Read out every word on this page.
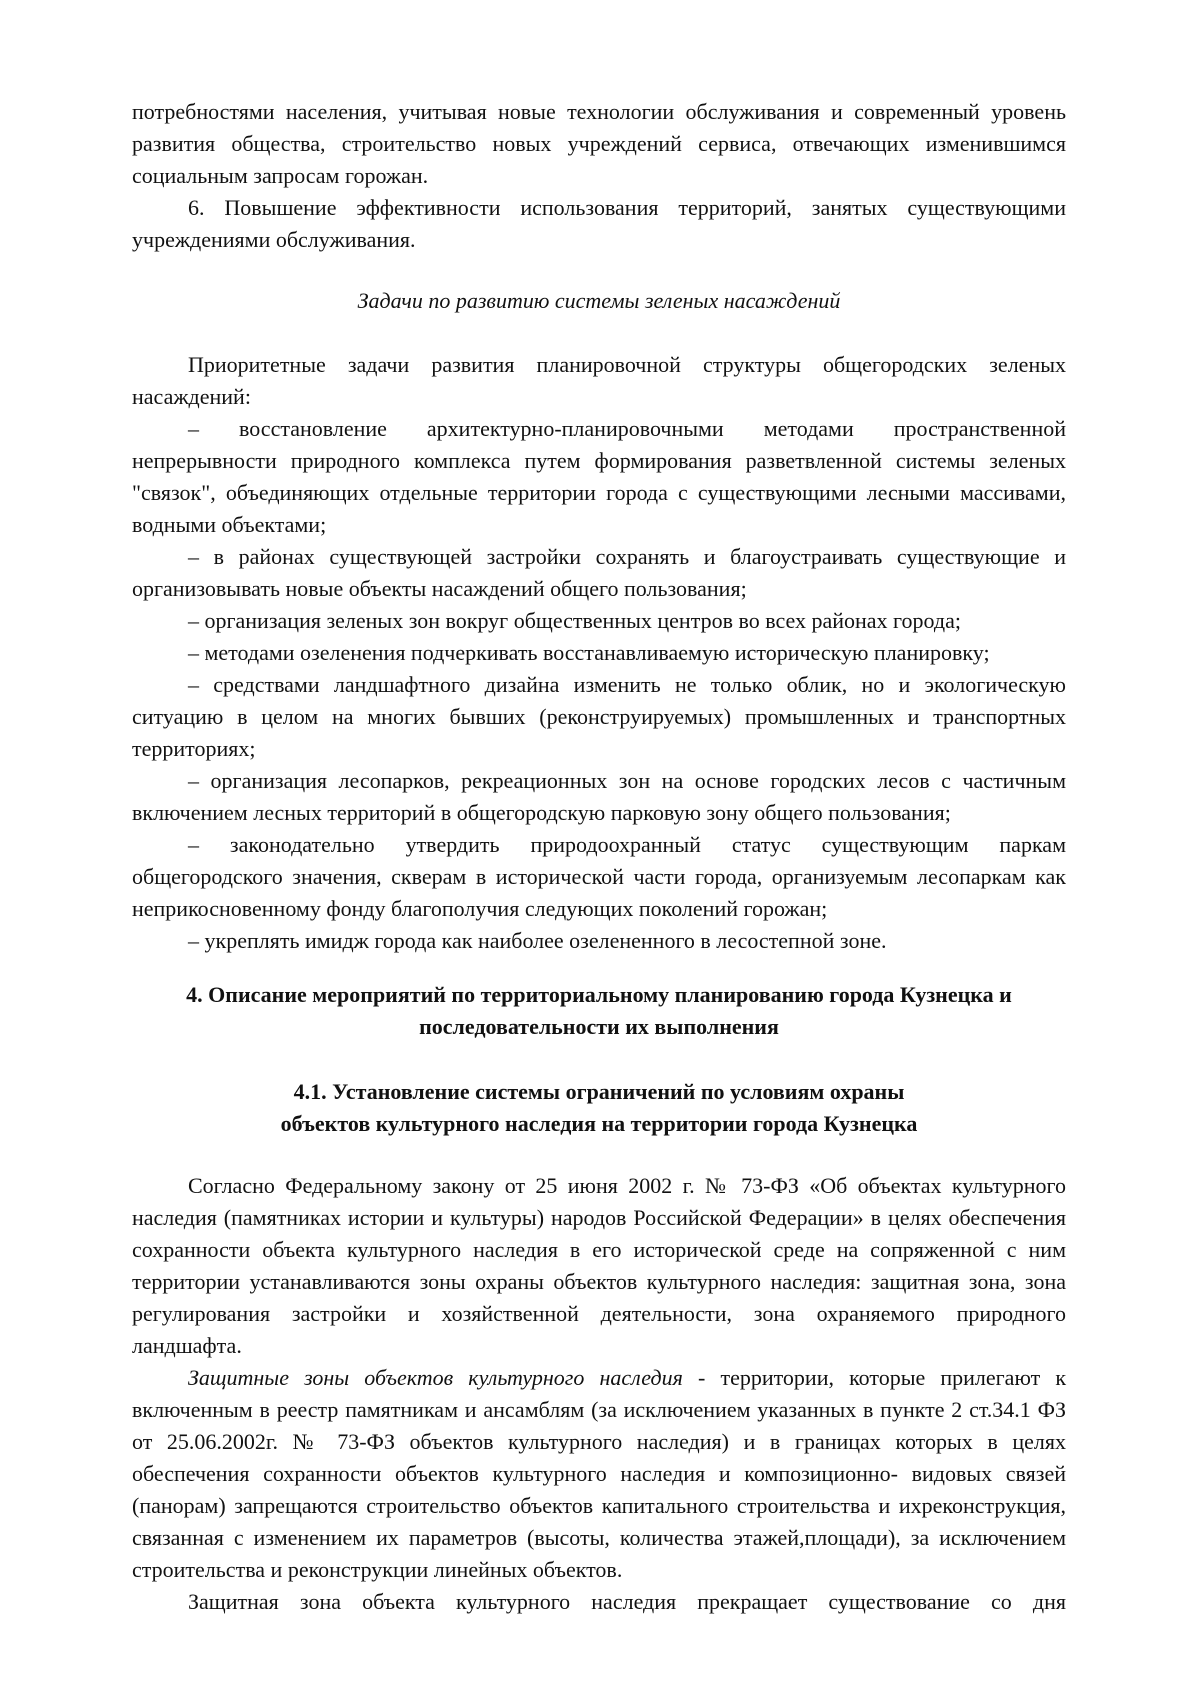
потребностями населения, учитывая новые технологии обслуживания и современный уровень развития общества, строительство новых учреждений сервиса, отвечающих изменившимся социальным запросам горожан.

6. Повышение эффективности использования территорий, занятых существующими учреждениями обслуживания.

Задачи по развитию системы зеленых насаждений

Приоритетные задачи развития планировочной структуры общегородских зеленых насаждений:

– восстановление архитектурно-планировочными методами пространственной непрерывности природного комплекса путем формирования разветвленной системы зеленых "связок", объединяющих отдельные территории города с существующими лесными массивами, водными объектами;

– в районах существующей застройки сохранять и благоустраивать существующие и организовывать новые объекты насаждений общего пользования;

– организация зеленых зон вокруг общественных центров во всех районах города;

– методами озеленения подчеркивать восстанавливаемую историческую планировку;

– средствами ландшафтного дизайна изменить не только облик, но и экологическую ситуацию в целом на многих бывших (реконструируемых) промышленных и транспортных территориях;

– организация лесопарков, рекреационных зон на основе городских лесов с частичным включением лесных территорий в общегородскую парковую зону общего пользования;

– законодательно утвердить природоохранный статус существующим паркам общегородского значения, скверам в исторической части города, организуемым лесопаркам как неприкосновенному фонду благополучия следующих поколений горожан;

– укреплять имидж города как наиболее озелененного в лесостепной зоне.

4. Описание мероприятий по территориальному планированию города Кузнецка и
последовательности их выполнения
4.1. Установление системы ограничений по условиям охраны
объектов культурного наследия на территории города Кузнецка

Согласно Федеральному закону от 25 июня 2002 г. № 73-ФЗ «Об объектах культурного наследия (памятниках истории и культуры) народов Российской Федерации» в целях обеспечения сохранности объекта культурного наследия в его исторической среде на сопряженной с ним территории устанавливаются зоны охраны объектов культурного наследия: защитная зона, зона регулирования застройки и хозяйственной деятельности, зона охраняемого природного ландшафта.

Защитные зоны объектов культурного наследия - территории, которые прилегают к включенным в реестр памятникам и ансамблям (за исключением указанных в пункте 2 ст.34.1 ФЗ от 25.06.2002г. № 73-ФЗ объектов культурного наследия) и в границах которых в целях обеспечения сохранности объектов культурного наследия и композиционно- видовых связей (панорам) запрещаются строительство объектов капитального строительства и ихреконструкция, связанная с изменением их параметров (высоты, количества этажей,площади), за исключением строительства и реконструкции линейных объектов.

Защитная зона объекта культурного наследия прекращает существование со дня
